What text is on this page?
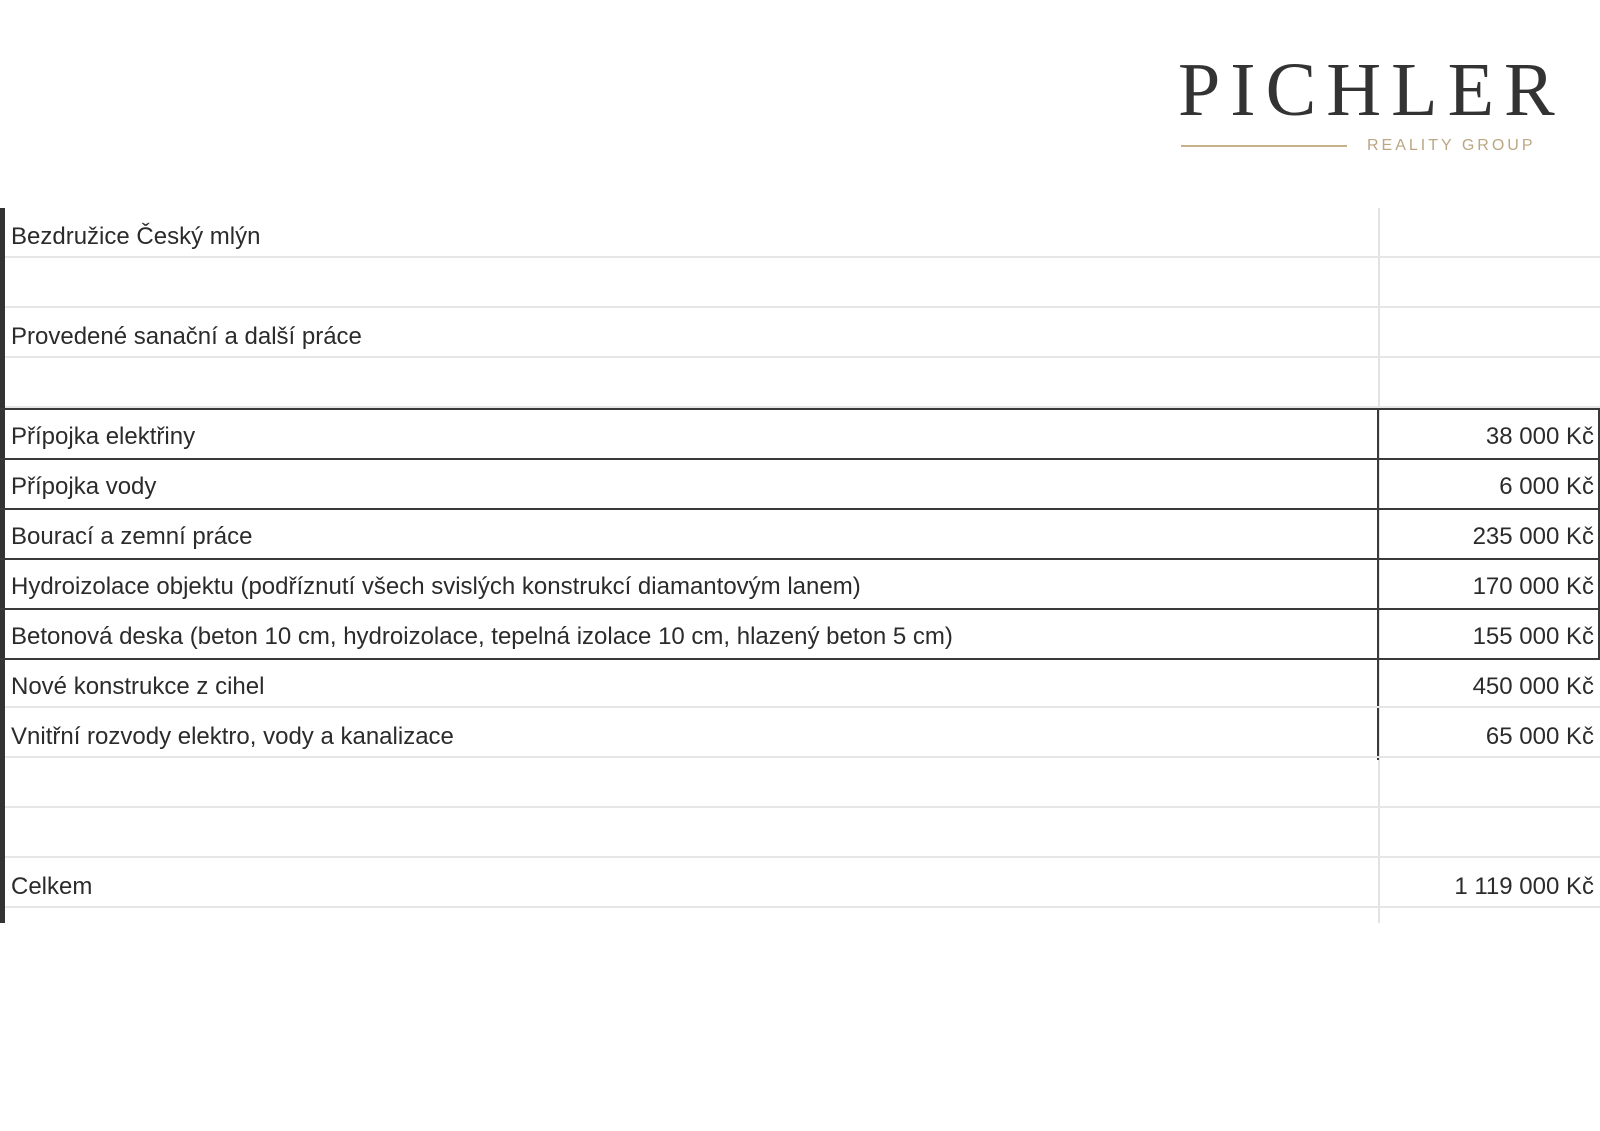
PICHLER
REALITY GROUP
Bezdružice Český mlýn
Provedené sanační a další práce
Přípojka elektřiny	38 000 Kč
Přípojka vody	6 000 Kč
Bourací a zemní práce	235 000 Kč
Hydroizolace objektu (podříznutí všech svislých konstrukcí diamantovým lanem)	170 000 Kč
Betonová deska (beton 10 cm, hydroizolace, tepelná izolace 10 cm, hlazený beton 5 cm)	155 000 Kč
Nové konstrukce z cihel	450 000 Kč
Vnitřní rozvody elektro, vody a kanalizace	65 000 Kč
Celkem	1 119 000 Kč
